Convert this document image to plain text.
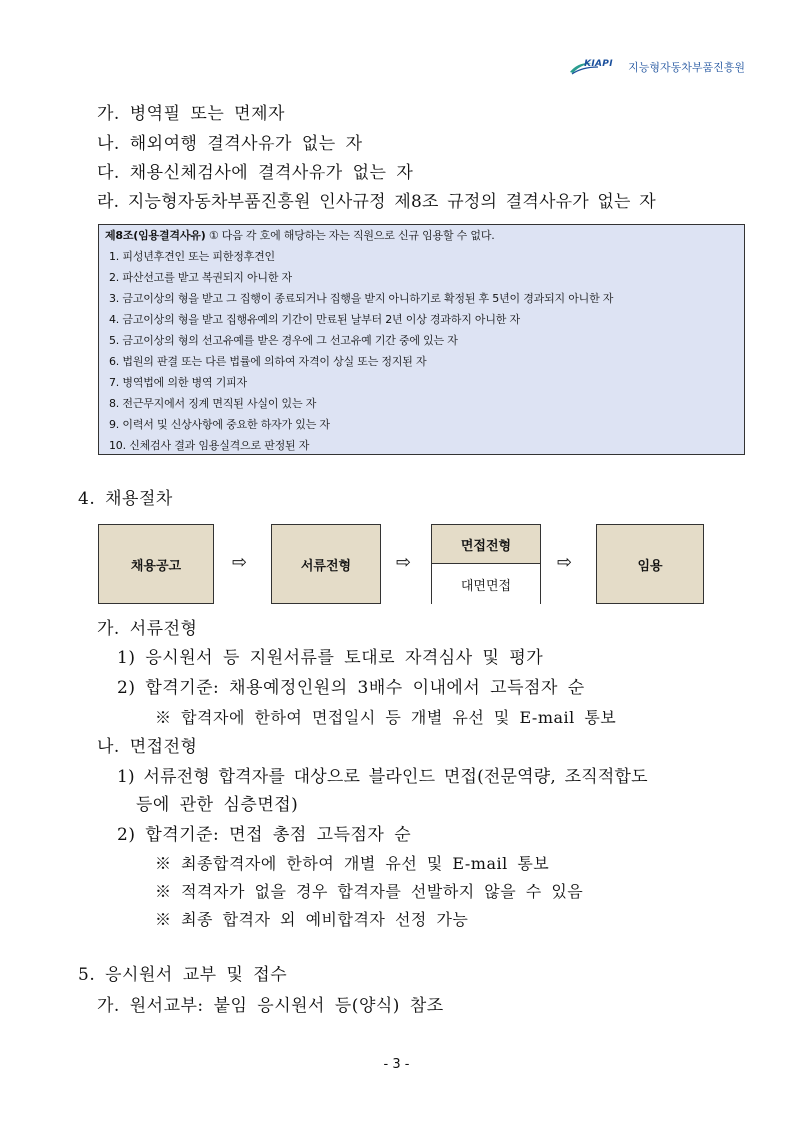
KIAPI 지능형자동차부품진흥원
가. 병역필 또는 면제자
나. 해외여행 결격사유가 없는 자
다. 채용신체검사에 결격사유가 없는 자
라. 지능형자동차부품진흥원 인사규정 제8조 규정의 결격사유가 없는 자
제8조(임용결격사유) ① 다음 각 호에 해당하는 자는 직원으로 신규 임용할 수 없다.
1. 피성년후견인 또는 피한정후견인
2. 파산선고를 받고 복권되지 아니한 자
3. 금고이상의 형을 받고 그 집행이 종료되거나 집행을 받지 아니하기로 확정된 후 5년이 경과되지 아니한 자
4. 금고이상의 형을 받고 집행유예의 기간이 만료된 날부터 2년 이상 경과하지 아니한 자
5. 금고이상의 형의 선고유예를 받은 경우에 그 선고유예 기간 중에 있는 자
6. 법원의 판결 또는 다른 법률에 의하여 자격이 상실 또는 정지된 자
7. 병역법에 의한 병역 기피자
8. 전근무지에서 징계 면직된 사실이 있는 자
9. 이력서 및 신상사항에 중요한 하자가 있는 자
10. 신체검사 결과 임용실격으로 판정된 자
4. 채용절차
채용공고	⇨	서류전형	⇨
면접전형
대면면접
⇨	임용
가. 서류전형
1) 응시원서 등 지원서류를 토대로 자격심사 및 평가
2) 합격기준: 채용예정인원의 3배수 이내에서 고득점자 순
※ 합격자에 한하여 면접일시 등 개별 유선 및 E-mail 통보
나. 면접전형
1) 서류전형 합격자를 대상으로 블라인드 면접(전문역량, 조직적합도
등에 관한 심층면접)
2) 합격기준: 면접 총점 고득점자 순
※ 최종합격자에 한하여 개별 유선 및 E-mail 통보
※ 적격자가 없을 경우 합격자를 선발하지 않을 수 있음
※ 최종 합격자 외 예비합격자 선정 가능
5. 응시원서 교부 및 접수
가. 원서교부: 붙임 응시원서 등(양식) 참조
- 3 -
